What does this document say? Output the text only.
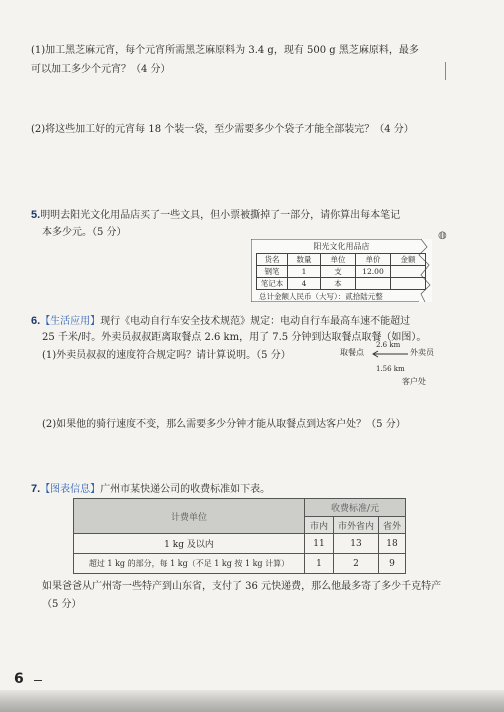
(1)加工黑芝麻元宵，每个元宵所需黑芝麻原料为 3.4 g，现有 500 g 黑芝麻原料，最多
可以加工多少个元宵？（4 分）
(2)将这些加工好的元宵每 18 个装一袋，至少需要多少个袋子才能全部装完？（4 分）
5.明明去阳光文化用品店买了一些文具，但小票被撕掉了一部分，请你算出每本笔记
本多少元。（5 分）	◍
阳光文化用品店
货名	数量	单位	单价	金额
钢笔	1	支	12.00	
笔记本	4	本		
总计金额人民币（大写）：贰拾陆元整
6.【生活应用】现行《电动自行车安全技术规范》规定：电动自行车最高车速不能超过
25 千米/时。外卖员叔叔距离取餐点 2.6 km，用了 7.5 分钟到达取餐点取餐（如图）。
(1)外卖员叔叔的速度符合规定吗？请计算说明。（5 分）	取餐点
2.6 km
外卖员
1.56 km
客户处
(2)如果他的骑行速度不变，那么需要多少分钟才能从取餐点到达客户处？（5 分）
7.【图表信息】广州市某快递公司的收费标准如下表。
计费单位	收费标准/元		
	市内	市外省内	省外
1 kg 及以内	11	13	18
超过 1 kg 的部分，每 1 kg（不足 1 kg 按 1 kg 计算）	1	2	9
如果爸爸从广州寄一些特产到山东省，支付了 36 元快递费，那么他最多寄了多少千克特产
（5 分）
6
